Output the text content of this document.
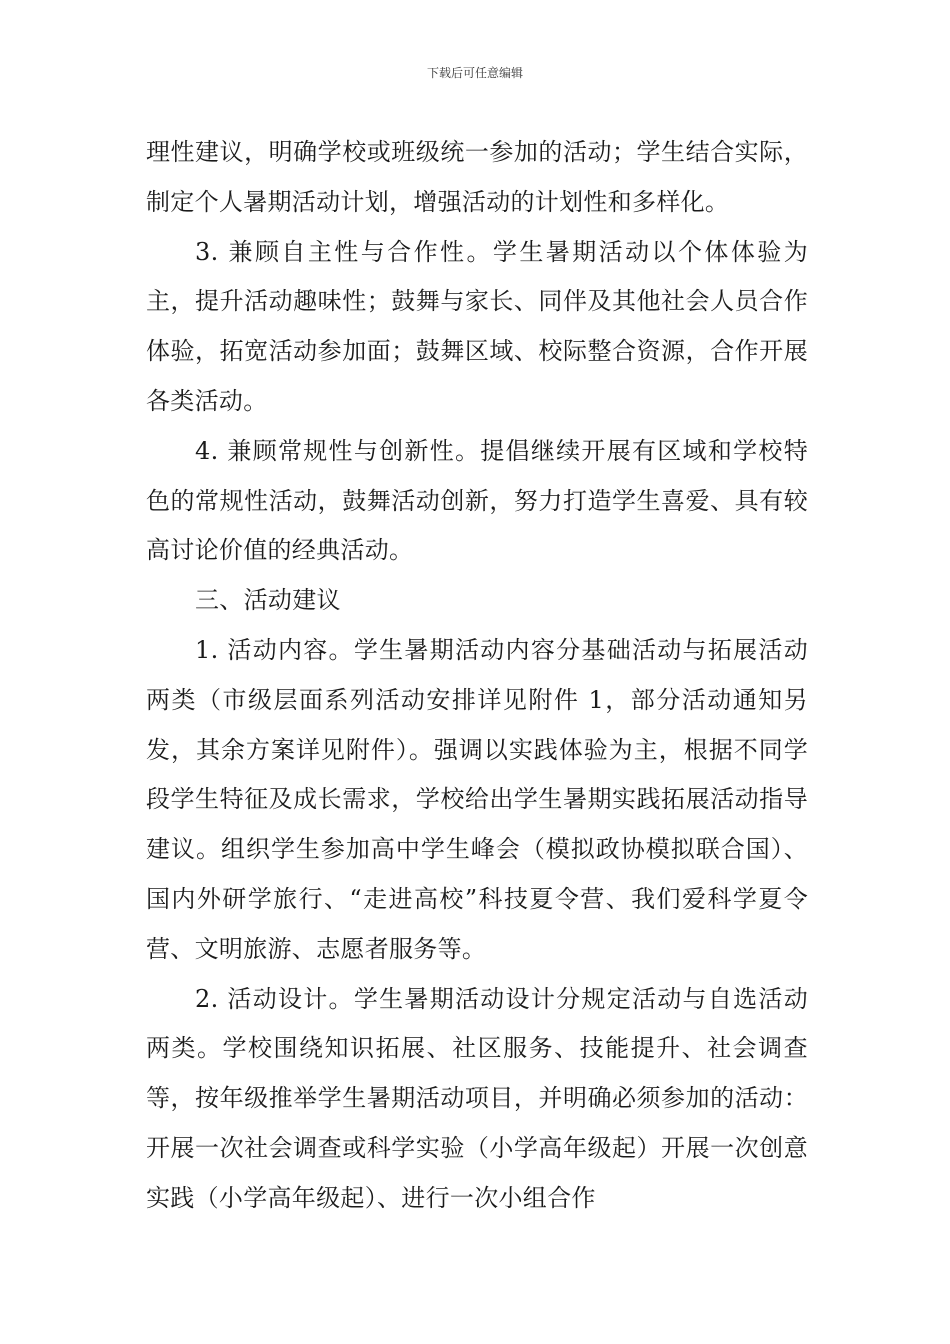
下载后可任意编辑

理性建议，明确学校或班级统一参加的活动；学生结合实际，制定个人暑期活动计划，增强活动的计划性和多样化。

3. 兼顾自主性与合作性。学生暑期活动以个体体验为主，提升活动趣味性；鼓舞与家长、同伴及其他社会人员合作体验，拓宽活动参加面；鼓舞区域、校际整合资源，合作开展各类活动。

4. 兼顾常规性与创新性。提倡继续开展有区域和学校特色的常规性活动，鼓舞活动创新，努力打造学生喜爱、具有较高讨论价值的经典活动。

三、活动建议

1. 活动内容。学生暑期活动内容分基础活动与拓展活动两类（市级层面系列活动安排详见附件 1，部分活动通知另发，其余方案详见附件）。强调以实践体验为主，根据不同学段学生特征及成长需求，学校给出学生暑期实践拓展活动指导建议。组织学生参加高中学生峰会（模拟政协模拟联合国）、国内外研学旅行、“走进高校”科技夏令营、我们爱科学夏令营、文明旅游、志愿者服务等。

2. 活动设计。学生暑期活动设计分规定活动与自选活动两类。学校围绕知识拓展、社区服务、技能提升、社会调查等，按年级推举学生暑期活动项目，并明确必须参加的活动：开展一次社会调查或科学实验（小学高年级起）开展一次创意实践（小学高年级起）、进行一次小组合作
